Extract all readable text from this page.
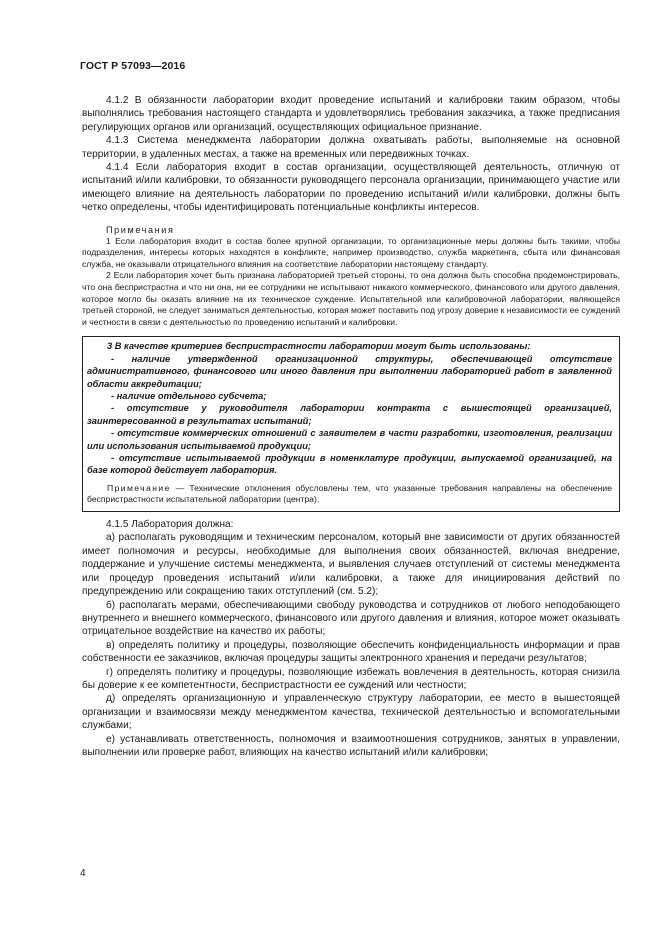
ГОСТ Р 57093—2016

4.1.2 В обязанности лаборатории входит проведение испытаний и калибровки таким образом, чтобы выполнялись требования настоящего стандарта и удовлетворялись требования заказчика, а также предписания регулирующих органов или организаций, осуществляющих официальное признание.

4.1.3 Система менеджмента лаборатории должна охватывать работы, выполняемые на основной территории, в удаленных местах, а также на временных или передвижных точках.

4.1.4 Если лаборатория входит в состав организации, осуществляющей деятельность, отличную от испытаний и/или калибровки, то обязанности руководящего персонала организации, принимающего участие или имеющего влияние на деятельность лаборатории по проведению испытаний и/или калибровки, должны быть четко определены, чтобы идентифицировать потенциальные конфликты интересов.

Примечания

1 Если лаборатория входит в состав более крупной организации, то организационные меры должны быть такими, чтобы подразделения, интересы которых находятся в конфликте, например производство, служба маркетинга, сбыта или финансовая служба, не оказывали отрицательного влияния на соответствие лаборатории настоящему стандарту.

2 Если лаборатория хочет быть признана лабораторией третьей стороны, то она должна быть способна продемонстрировать, что она беспристрастна и что ни она, ни ее сотрудники не испытывают никакого коммерческого, финансового или другого давления, которое могло бы оказать влияние на их техническое суждение. Испытательной или калибровочной лаборатории, являющейся третьей стороной, не следует заниматься деятельностью, которая может поставить под угрозу доверие к независимости ее суждений и честности в связи с деятельностью по проведению испытаний и калибровки.

3 В качестве критериев беспристрастности лаборатории могут быть использованы:

- наличие утвержденной организационной структуры, обеспечивающей отсутствие административного, финансового или иного давления при выполнении лабораторией работ в заявленной области аккредитации;

- наличие отдельного субсчета;

- отсутствие у руководителя лаборатории контракта с вышестоящей организацией, заинтересованной в результатах испытаний;

- отсутствие коммерческих отношений с заявителем в части разработки, изготовления, реализации или использования испытываемой продукции;

- отсутствие испытываемой продукции в номенклатуре продукции, выпускаемой организацией, на базе которой действует лаборатория.

Примечание — Технические отклонения обусловлены тем, что указанные требования направлены на обеспечение беспристрастности испытательной лаборатории (центра).

4.1.5 Лаборатория должна:

а) располагать руководящим и техническим персоналом, который вне зависимости от других обязанностей имеет полномочия и ресурсы, необходимые для выполнения своих обязанностей, включая внедрение, поддержание и улучшение системы менеджмента, и выявления случаев отступлений от системы менеджмента или процедур проведения испытаний и/или калибровки, а также для инициирования действий по предупреждению или сокращению таких отступлений (см. 5.2);

б) располагать мерами, обеспечивающими свободу руководства и сотрудников от любого неподобающего внутреннего и внешнего коммерческого, финансового или другого давления и влияния, которое может оказывать отрицательное воздействие на качество их работы;

в) определять политику и процедуры, позволяющие обеспечить конфиденциальность информации и прав собственности ее заказчиков, включая процедуры защиты электронного хранения и передачи результатов;

г) определять политику и процедуры, позволяющие избежать вовлечения в деятельность, которая снизила бы доверие к ее компетентности, беспристрастности ее суждений или честности;

д) определять организационную и управленческую структуру лаборатории, ее место в вышестоящей организации и взаимосвязи между менеджментом качества, технической деятельностью и вспомогательными службами;

е) устанавливать ответственность, полномочия и взаимоотношения сотрудников, занятых в управлении, выполнении или проверке работ, влияющих на качество испытаний и/или калибровки;

4
